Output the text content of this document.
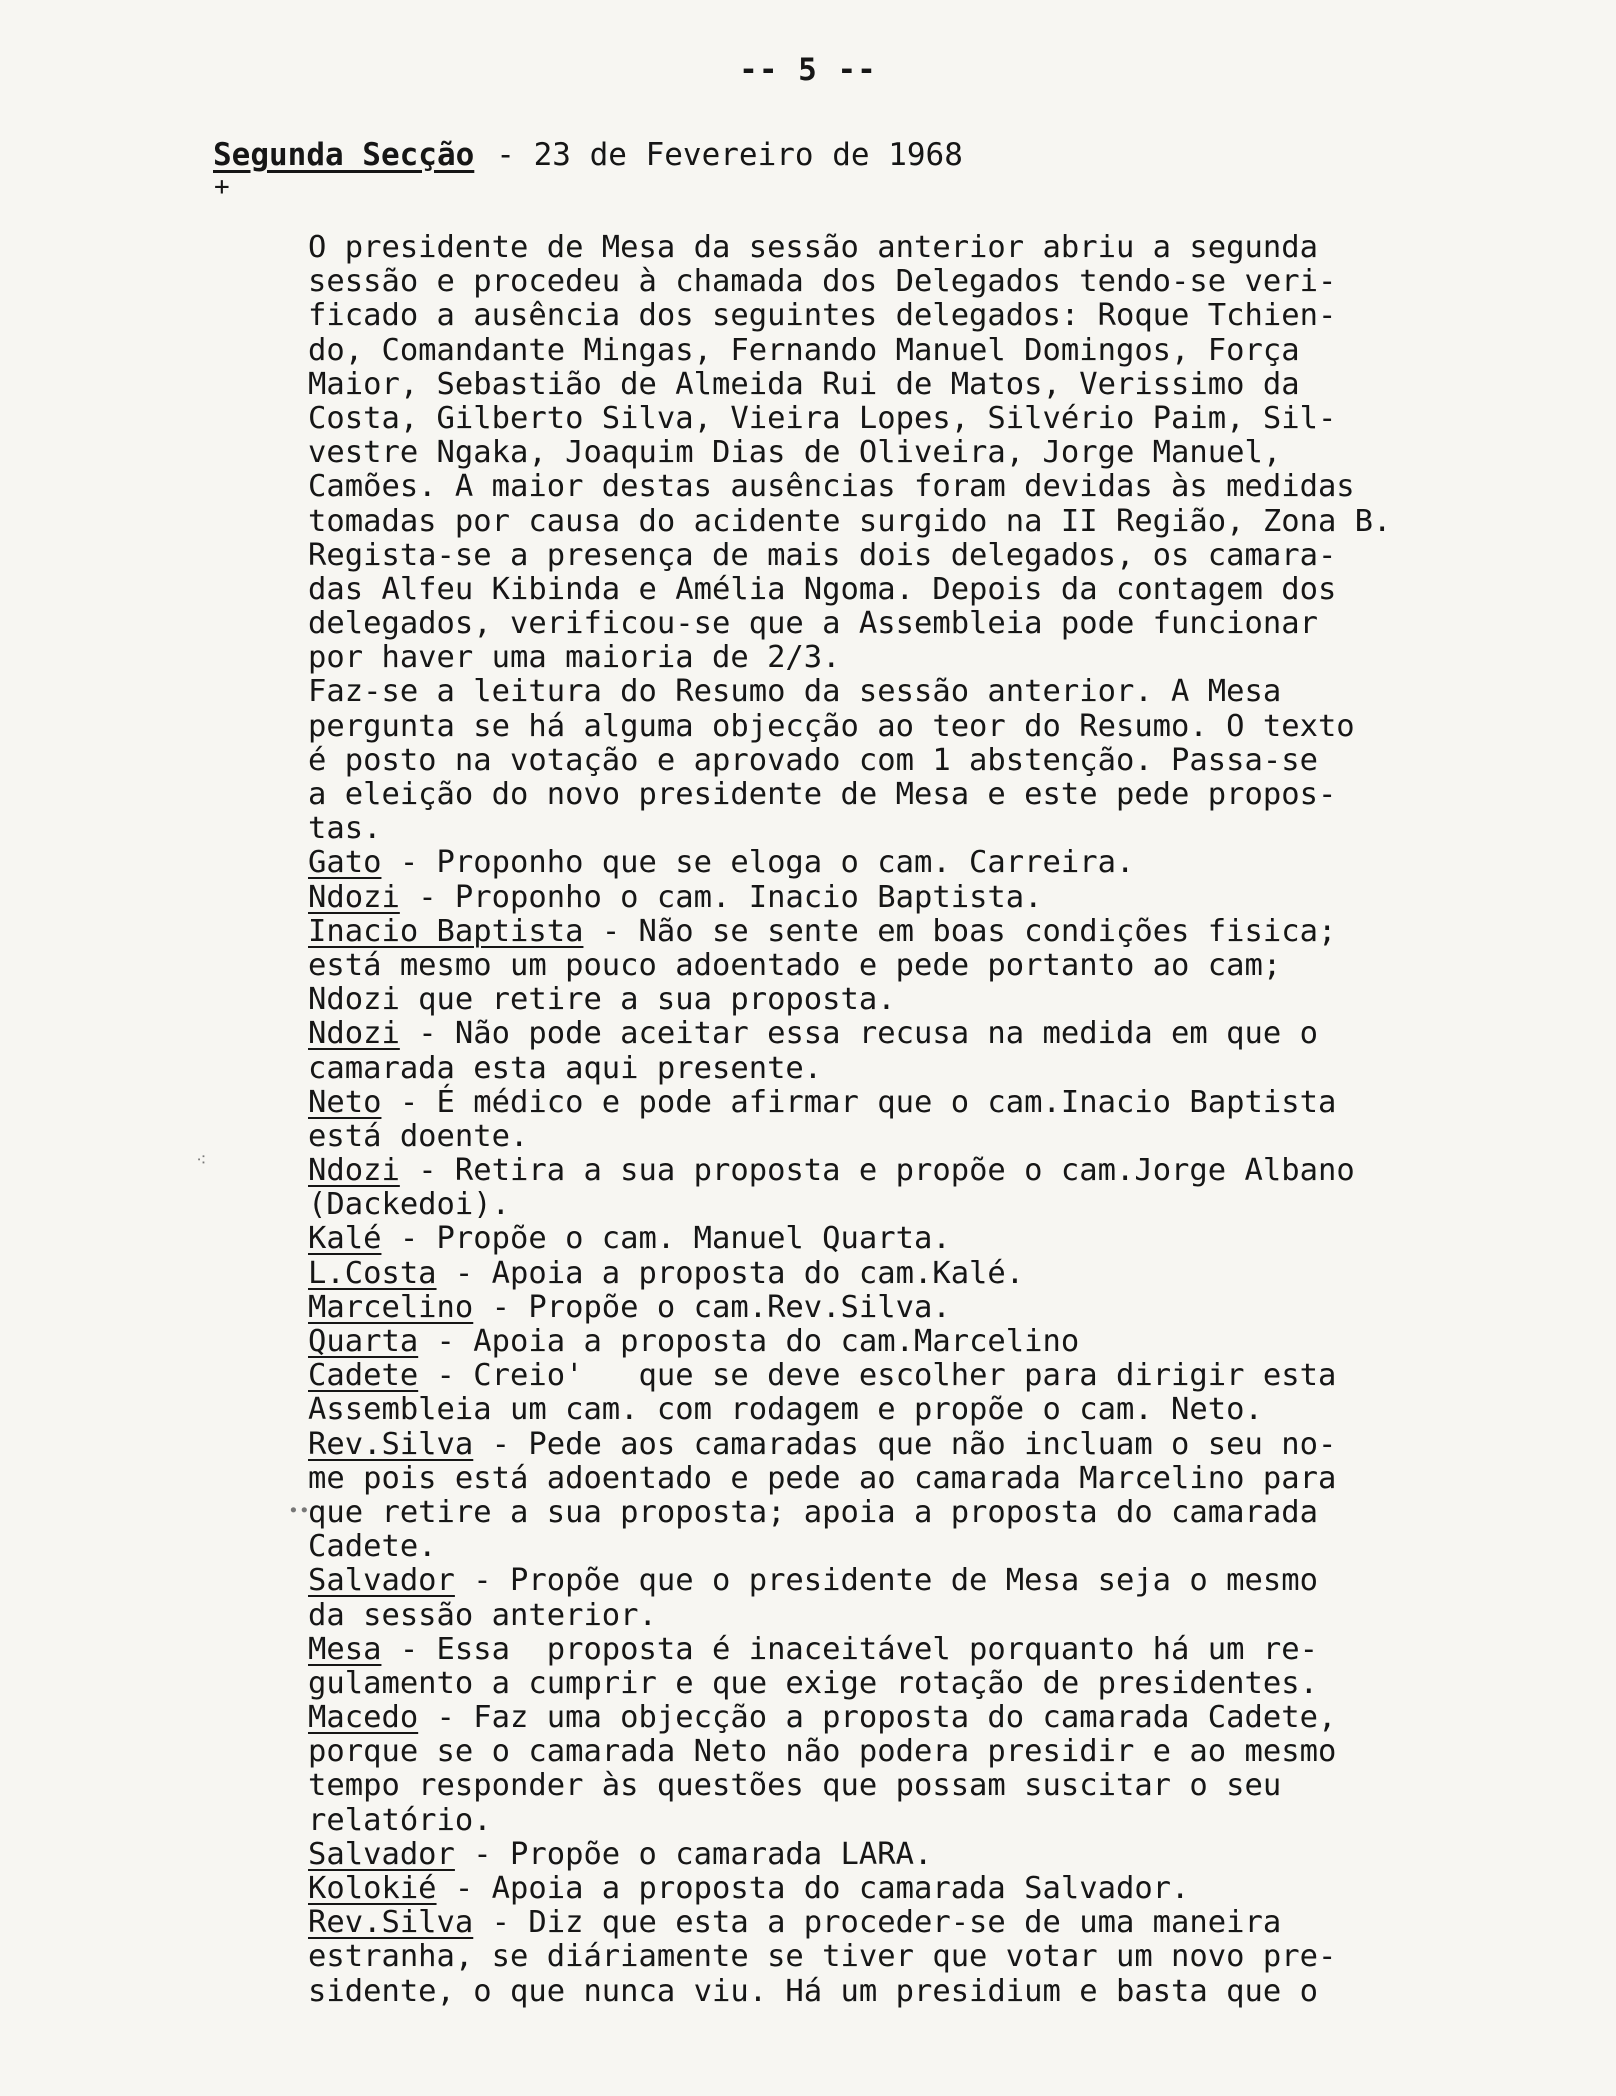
-- 5 --
Segunda Secção - 23 de Fevereiro de 1968
+
⁖
∙∙
O presidente de Mesa da sessão anterior abriu a segunda
sessão e procedeu à chamada dos Delegados tendo-se veri-
ficado a ausência dos seguintes delegados: Roque Tchien-
do, Comandante Mingas, Fernando Manuel Domingos, Força
Maior, Sebastião de Almeida Rui de Matos, Verissimo da
Costa, Gilberto Silva, Vieira Lopes, Silvério Paim, Sil-
vestre Ngaka, Joaquim Dias de Oliveira, Jorge Manuel,
Camões. A maior destas ausências foram devidas às medidas
tomadas por causa do acidente surgido na II Região, Zona B.
Regista-se a presença de mais dois delegados, os camara-
das Alfeu Kibinda e Amélia Ngoma. Depois da contagem dos
delegados, verificou-se que a Assembleia pode funcionar
por haver uma maioria de 2/3.
Faz-se a leitura do Resumo da sessão anterior. A Mesa
pergunta se há alguma objecção ao teor do Resumo. O texto
é posto na votação e aprovado com 1 abstenção. Passa-se
a eleição do novo presidente de Mesa e este pede propos-
tas.
Gato - Proponho que se eloga o cam. Carreira.
Ndozi - Proponho o cam. Inacio Baptista.
Inacio Baptista - Não se sente em boas condições fisica;
está mesmo um pouco adoentado e pede portanto ao cam;
Ndozi que retire a sua proposta.
Ndozi - Não pode aceitar essa recusa na medida em que o
camarada esta aqui presente.
Neto - É médico e pode afirmar que o cam.Inacio Baptista
está doente.
Ndozi - Retira a sua proposta e propõe o cam.Jorge Albano
(Dackedoi).
Kalé - Propõe o cam. Manuel Quarta.
L.Costa - Apoia a proposta do cam.Kalé.
Marcelino - Propõe o cam.Rev.Silva.
Quarta - Apoia a proposta do cam.Marcelino
Cadete - Creio'   que se deve escolher para dirigir esta
Assembleia um cam. com rodagem e propõe o cam. Neto.
Rev.Silva - Pede aos camaradas que não incluam o seu no-
me pois está adoentado e pede ao camarada Marcelino para
que retire a sua proposta; apoia a proposta do camarada
Cadete.
Salvador - Propõe que o presidente de Mesa seja o mesmo
da sessão anterior.
Mesa - Essa  proposta é inaceitável porquanto há um re-
gulamento a cumprir e que exige rotação de presidentes.
Macedo - Faz uma objecção a proposta do camarada Cadete,
porque se o camarada Neto não podera presidir e ao mesmo
tempo responder às questões que possam suscitar o seu
relatório.
Salvador - Propõe o camarada LARA.
Kolokié - Apoia a proposta do camarada Salvador.
Rev.Silva - Diz que esta a proceder-se de uma maneira
estranha, se diáriamente se tiver que votar um novo pre-
sidente, o que nunca viu. Há um presidium e basta que o
